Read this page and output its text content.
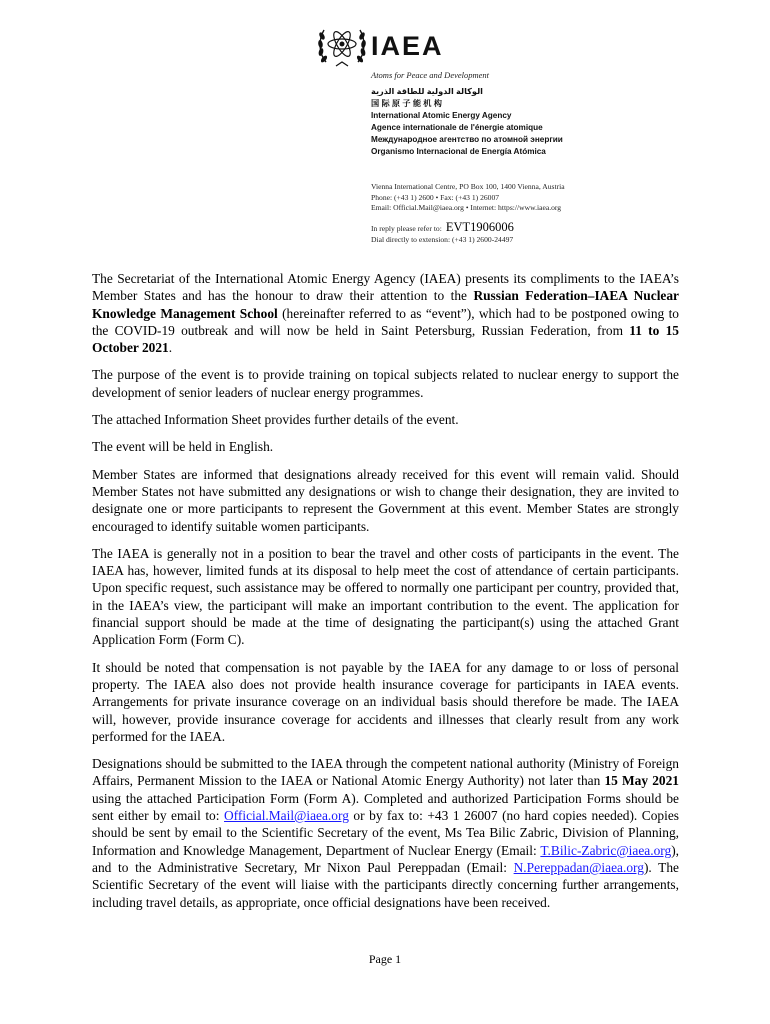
IAEA
Atoms for Peace and Development
الوكالة الدولية للطاقة الذرية
国 际 原 子 能 机 构
International Atomic Energy Agency
Agence internationale de l'énergie atomique
Международное агентство по атомной энергии
Organismo Internacional de Energía Atómica
Vienna International Centre, PO Box 100, 1400 Vienna, Austria
Phone: (+43 1) 2600 • Fax: (+43 1) 26007
Email: Official.Mail@iaea.org • Internet: https://www.iaea.org
In reply please refer to: EVT1906006
Dial directly to extension: (+43 1) 2600-24497

The Secretariat of the International Atomic Energy Agency (IAEA) presents its compliments to the IAEA’s Member States and has the honour to draw their attention to the Russian Federation–IAEA Nuclear Knowledge Management School (hereinafter referred to as “event”), which had to be postponed owing to the COVID-19 outbreak and will now be held in Saint Petersburg, Russian Federation, from 11 to 15 October 2021.

The purpose of the event is to provide training on topical subjects related to nuclear energy to support the development of senior leaders of nuclear energy programmes.

The attached Information Sheet provides further details of the event.

The event will be held in English.

Member States are informed that designations already received for this event will remain valid. Should Member States not have submitted any designations or wish to change their designation, they are invited to designate one or more participants to represent the Government at this event. Member States are strongly encouraged to identify suitable women participants.

The IAEA is generally not in a position to bear the travel and other costs of participants in the event. The IAEA has, however, limited funds at its disposal to help meet the cost of attendance of certain participants. Upon specific request, such assistance may be offered to normally one participant per country, provided that, in the IAEA’s view, the participant will make an important contribution to the event. The application for financial support should be made at the time of designating the participant(s) using the attached Grant Application Form (Form C).

It should be noted that compensation is not payable by the IAEA for any damage to or loss of personal property. The IAEA also does not provide health insurance coverage for participants in IAEA events. Arrangements for private insurance coverage on an individual basis should therefore be made. The IAEA will, however, provide insurance coverage for accidents and illnesses that clearly result from any work performed for the IAEA.

Designations should be submitted to the IAEA through the competent national authority (Ministry of Foreign Affairs, Permanent Mission to the IAEA or National Atomic Energy Authority) not later than 15 May 2021 using the attached Participation Form (Form A). Completed and authorized Participation Forms should be sent either by email to: Official.Mail@iaea.org or by fax to: +43 1 26007 (no hard copies needed). Copies should be sent by email to the Scientific Secretary of the event, Ms Tea Bilic Zabric, Division of Planning, Information and Knowledge Management, Department of Nuclear Energy (Email: T.Bilic-Zabric@iaea.org), and to the Administrative Secretary, Mr Nixon Paul Pereppadan (Email: N.Pereppadan@iaea.org). The Scientific Secretary of the event will liaise with the participants directly concerning further arrangements, including travel details, as appropriate, once official designations have been received.

Page 1
